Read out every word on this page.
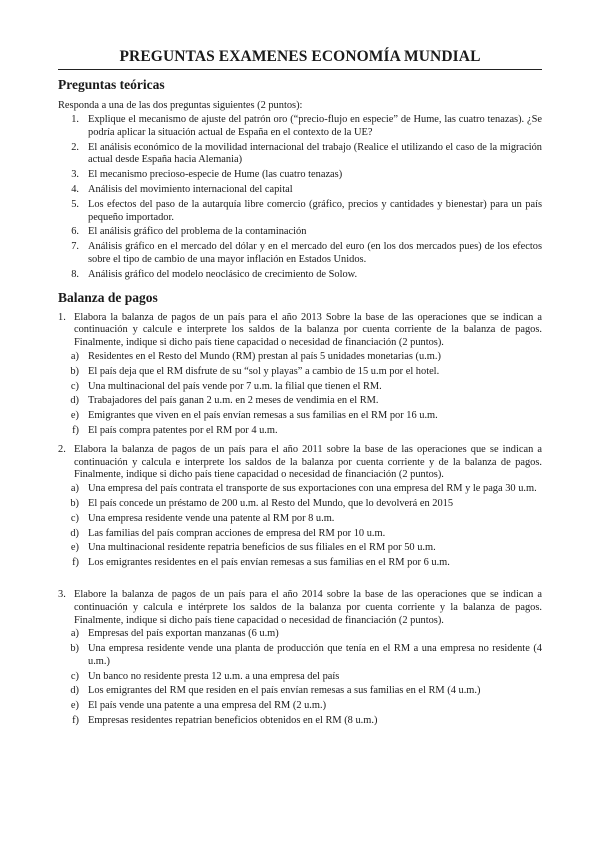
PREGUNTAS EXAMENES ECONOMÍA MUNDIAL
Preguntas teóricas

Responda a una de las dos preguntas siguientes (2 puntos):

1. Explique el mecanismo de ajuste del patrón oro (“precio-flujo en especie” de Hume, las cuatro tenazas). ¿Se podría aplicar la situación actual de España en el contexto de la UE?
2. El análisis económico de la movilidad internacional del trabajo (Realice el utilizando el caso de la migración actual desde España hacia Alemania)
3. El mecanismo precioso-especie de Hume (las cuatro tenazas)
4. Análisis del movimiento internacional del capital
5. Los efectos del paso de la autarquía libre comercio (gráfico, precios y cantidades y bienestar) para un país pequeño importador.
6. El análisis gráfico del problema de la contaminación
7. Análisis gráfico en el mercado del dólar y en el mercado del euro (en los dos mercados pues) de los efectos sobre el tipo de cambio de una mayor inflación en Estados Unidos.
8. Análisis gráfico del modelo neoclásico de crecimiento de Solow.
Balanza de pagos
1. Elabora la balanza de pagos de un país para el año 2013 Sobre la base de las operaciones que se indican a continuación y calcule e interprete los saldos de la balanza por cuenta corriente de la balanza de pagos. Finalmente, indique si dicho país tiene capacidad o necesidad de financiación (2 puntos).
a) Residentes en el Resto del Mundo (RM) prestan al país 5 unidades monetarias (u.m.)
b) El país deja que el RM disfrute de su “sol y playas” a cambio de 15 u.m por el hotel.
c) Una multinacional del país vende por 7 u.m. la filial que tienen el RM.
d) Trabajadores del país ganan 2 u.m. en 2 meses de vendimia en el RM.
e) Emigrantes que viven en el país envían remesas a sus familias en el RM por 16 u.m.
f) El país compra patentes por el RM por 4 u.m.
2. Elabora la balanza de pagos de un país para el año 2011 sobre la base de las operaciones que se indican a continuación y calcula e interprete los saldos de la balanza por cuenta corriente y de la balanza de pagos. Finalmente, indique si dicho país tiene capacidad o necesidad de financiación (2 puntos).
a) Una empresa del país contrata el transporte de sus exportaciones con una empresa del RM y le paga 30 u.m.
b) El país concede un préstamo de 200 u.m. al Resto del Mundo, que lo devolverá en 2015
c) Una empresa residente vende una patente al RM por 8 u.m.
d) Las familias del país compran acciones de empresa del RM por 10 u.m.
e) Una multinacional residente repatria beneficios de sus filiales en el RM por 50 u.m.
f) Los emigrantes residentes en el país envían remesas a sus familias en el RM por 6 u.m.
3. Elabore la balanza de pagos de un país para el año 2014 sobre la base de las operaciones que se indican a continuación y calcula e intérprete los saldos de la balanza por cuenta corriente y la balanza de pagos. Finalmente, indique si dicho país tiene capacidad o necesidad de financiación (2 puntos).
a) Empresas del país exportan manzanas (6 u.m)
b) Una empresa residente vende una planta de producción que tenía en el RM a una empresa no residente (4 u.m.)
c) Un banco no residente presta 12 u.m. a una empresa del país
d) Los emigrantes del RM que residen en el país envían remesas a sus familias en el RM (4 u.m.)
e) El país vende una patente a una empresa del RM (2 u.m.)
f) Empresas residentes repatrian beneficios obtenidos en el RM (8 u.m.)
